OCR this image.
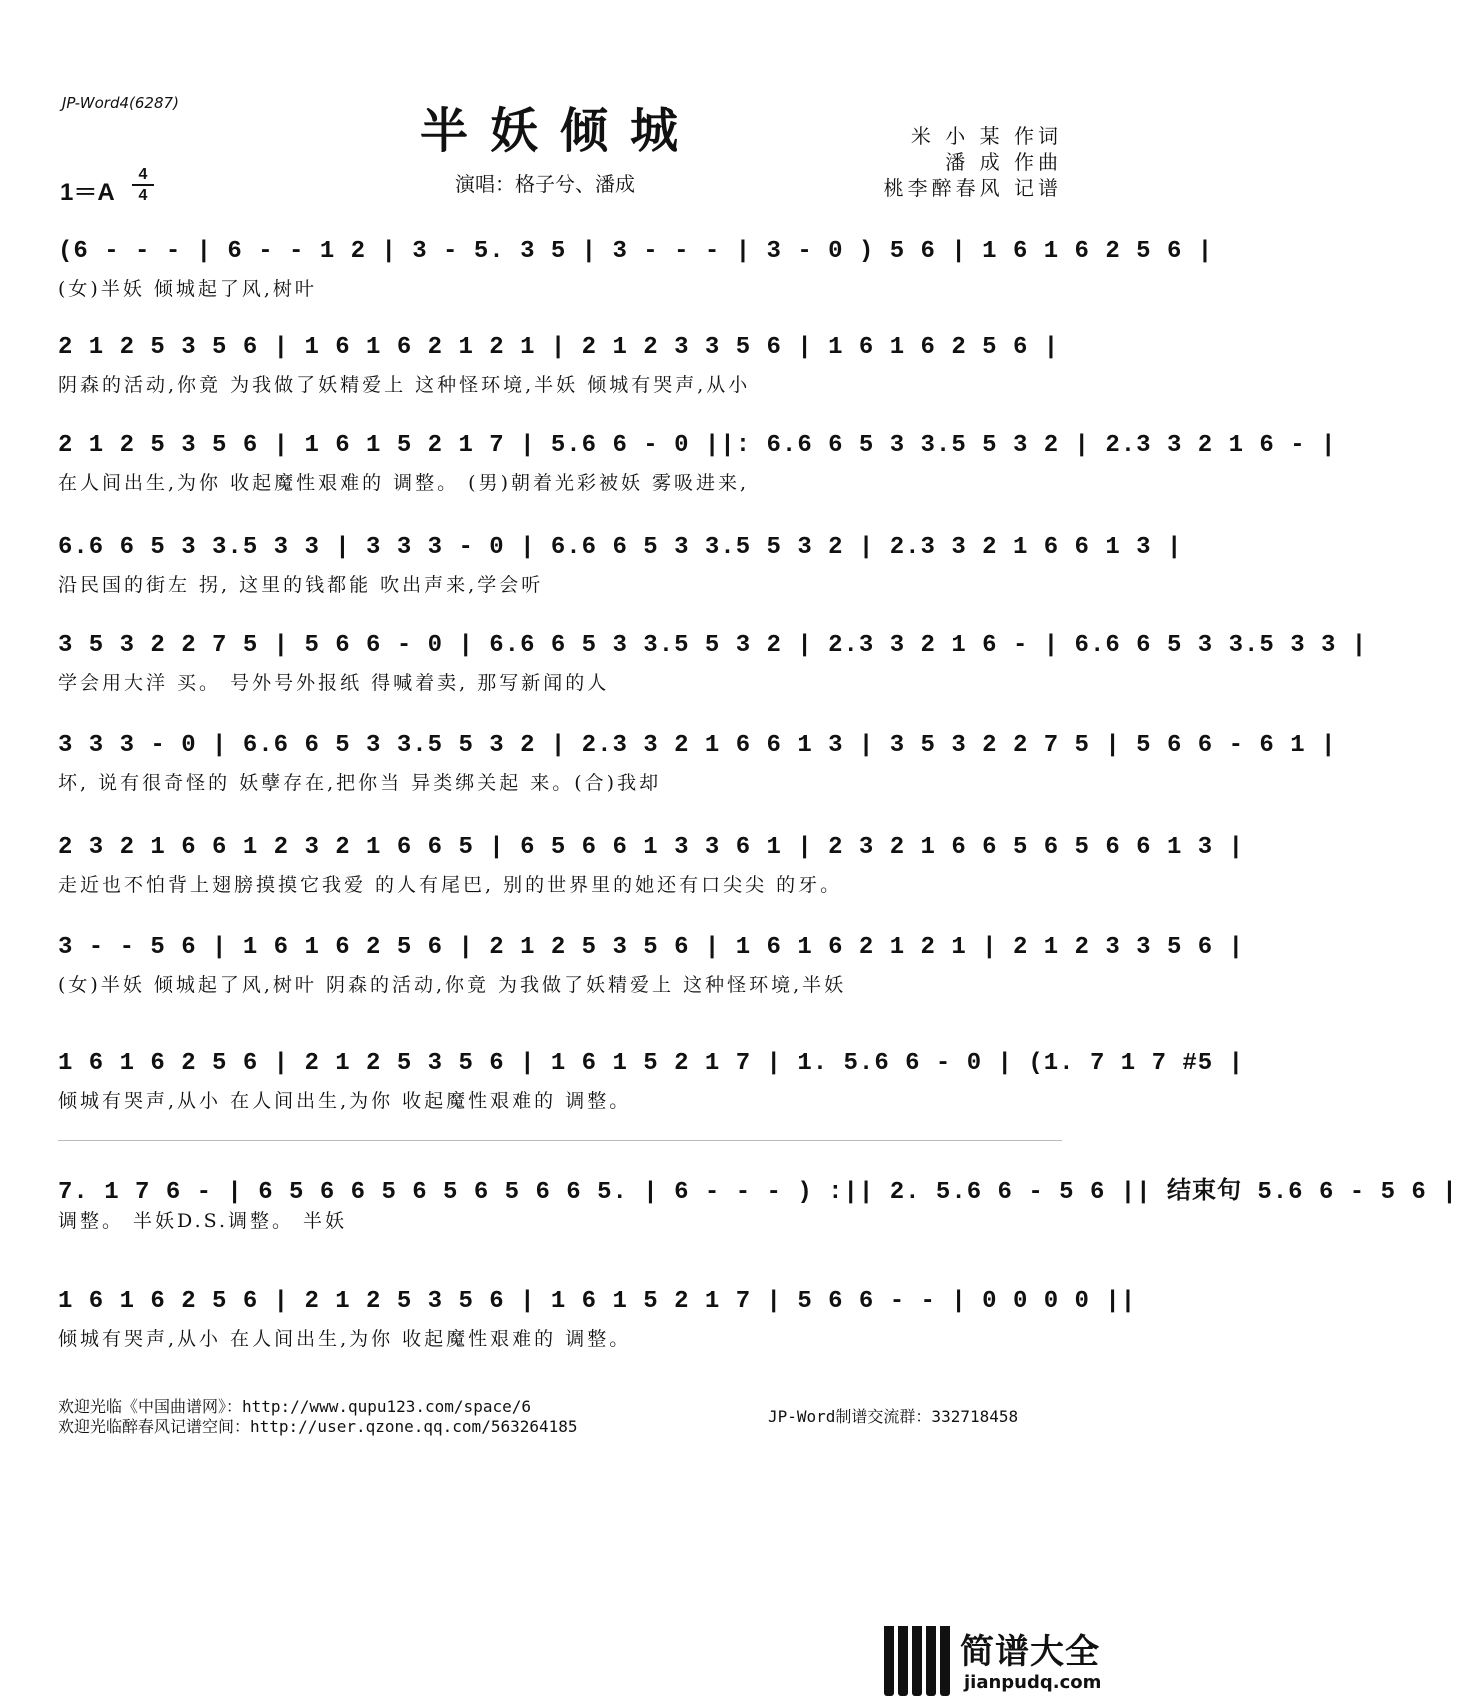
JP-Word4(6287)	半妖倾城	米 小 某 作词
潘 成 作曲
桃李醉春风 记谱
演唱：格子兮、潘成
1＝A
4
4
(6 - - - | 6 - - 1 2 | 3 - 5. 3 5 | 3 - - - | 3 - 0 ) 5 6 | 1 6 1 6 2 5 6 |
(女)半妖 倾城起了风,树叶
2 1 2 5 3 5 6 | 1 6 1 6 2 1 2 1 | 2 1 2 3 3 5 6 | 1 6 1 6 2 5 6 |
阴森的活动,你竟 为我做了妖精爱上 这种怪环境,半妖 倾城有哭声,从小
2 1 2 5 3 5 6 | 1 6 1 5 2 1 7 | 5.6 6 - 0 ||: 6.6 6 5 3 3.5 5 3 2 | 2.3 3 2 1 6 - |
在人间出生,为你 收起魔性艰难的 调整。 (男)朝着光彩被妖 雾吸进来,
6.6 6 5 3 3.5 3 3 | 3 3 3 - 0 | 6.6 6 5 3 3.5 5 3 2 | 2.3 3 2 1 6 6 1 3 |
沿民国的街左 拐, 这里的钱都能 吹出声来,学会听
3 5 3 2 2 7 5 | 5 6 6 - 0 | 6.6 6 5 3 3.5 5 3 2 | 2.3 3 2 1 6 - | 6.6 6 5 3 3.5 3 3 |
学会用大洋 买。 号外号外报纸 得喊着卖, 那写新闻的人
3 3 3 - 0 | 6.6 6 5 3 3.5 5 3 2 | 2.3 3 2 1 6 6 1 3 | 3 5 3 2 2 7 5 | 5 6 6 - 6 1 |
坏, 说有很奇怪的 妖孽存在,把你当 异类绑关起 来。(合)我却
2 3 2 1 6 6 1 2 3 2 1 6 6 5 | 6 5 6 6 1 3 3 6 1 | 2 3 2 1 6 6 5 6 5 6 6 1 3 |
走近也不怕背上翅膀摸摸它我爱 的人有尾巴, 别的世界里的她还有口尖尖 的牙。
3 - - 5 6 | 1 6 1 6 2 5 6 | 2 1 2 5 3 5 6 | 1 6 1 6 2 1 2 1 | 2 1 2 3 3 5 6 |
(女)半妖 倾城起了风,树叶 阴森的活动,你竟 为我做了妖精爱上 这种怪环境,半妖
1 6 1 6 2 5 6 | 2 1 2 5 3 5 6 | 1 6 1 5 2 1 7 | 1. 5.6 6 - 0 | (1. 7 1 7 #5 |
倾城有哭声,从小 在人间出生,为你 收起魔性艰难的 调整。
7. 1 7 6 - | 6 5 6 6 5 6 5 6 5 6 6 5. | 6 - - - ) :|| 2. 5.6 6 - 5 6 || 结束句 5.6 6 - 5 6 |
调整。 半妖D.S.调整。 半妖
1 6 1 6 2 5 6 | 2 1 2 5 3 5 6 | 1 6 1 5 2 1 7 | 5 6 6 - - | 0 0 0 0 ||
倾城有哭声,从小 在人间出生,为你 收起魔性艰难的 调整。
欢迎光临《中国曲谱网》：http://www.qupu123.com/space/6
欢迎光临醉春风记谱空间：http://user.qzone.qq.com/563264185
JP-Word制谱交流群：332718458
简谱大全
jianpudq.com
